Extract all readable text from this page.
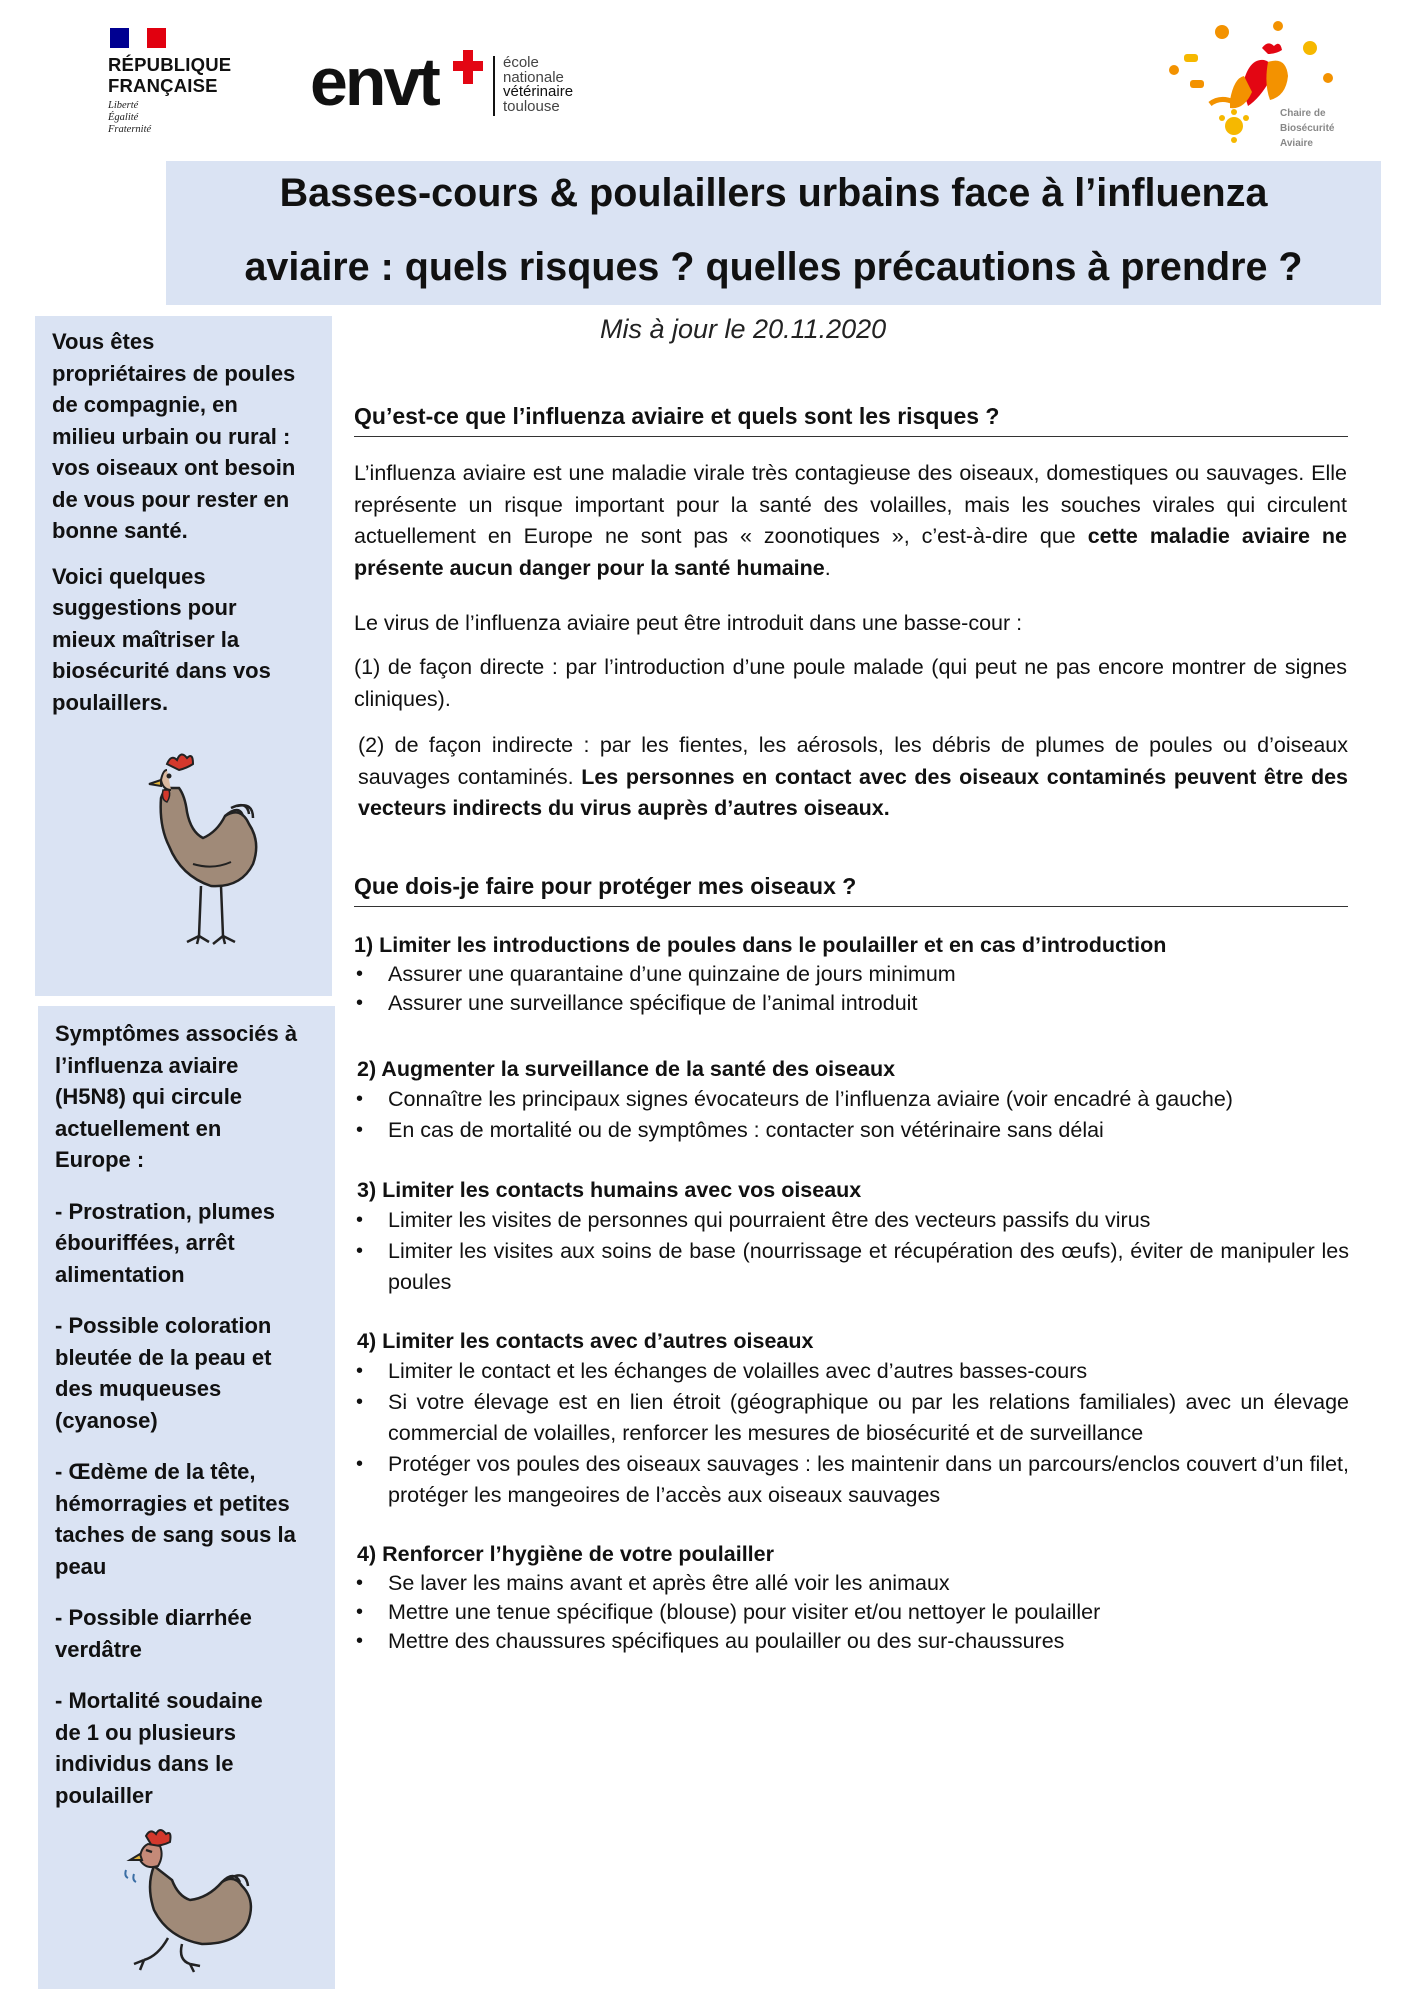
RÉPUBLIQUE
FRANÇAISE
Liberté
Égalité
Fraternité
envt	école
nationale
vétérinaire
toulouse	Chaire de
Biosécurité
Aviaire
Basses-cours & poulaillers urbains face à l’influenza
aviaire : quels risques ? quelles précautions à prendre ?

Vous êtes
propriétaires de poules
de compagnie, en
milieu urbain ou rural :
vos oiseaux ont besoin
de vous pour rester en
bonne santé.

Voici quelques
suggestions pour
mieux maîtriser la
biosécurité dans vos
poulaillers.

Symptômes associés à
l’influenza aviaire
(H5N8) qui circule
actuellement en
Europe :

- Prostration, plumes
ébouriffées, arrêt
alimentation

- Possible coloration
bleutée de la peau et
des muqueuses
(cyanose)

- Œdème de la tête,
hémorragies et petites
taches de sang sous la
peau

- Possible diarrhée
verdâtre

- Mortalité soudaine
de 1 ou plusieurs
individus dans le
poulailler

Mis à jour le 20.11.2020
Qu’est-ce que l’influenza aviaire et quels sont les risques ?
L’influenza aviaire est une maladie virale très contagieuse des oiseaux, domestiques ou sauvages. Elle représente un risque important pour la santé des volailles, mais les souches virales qui circulent actuellement en Europe ne sont pas « zoonotiques », c’est-à-dire que cette maladie aviaire ne présente aucun danger pour la santé humaine.
Le virus de l’influenza aviaire peut être introduit dans une basse-cour :
(1) de façon directe : par l’introduction d’une poule malade (qui peut ne pas encore montrer de signes cliniques).
(2) de façon indirecte : par les fientes, les aérosols, les débris de plumes de poules ou d’oiseaux sauvages contaminés. Les personnes en contact avec des oiseaux contaminés peuvent être des vecteurs indirects du virus auprès d’autres oiseaux.
Que dois-je faire pour protéger mes oiseaux ?
1) Limiter les introductions de poules dans le poulailler et en cas d’introduction
• Assurer une quarantaine d’une quinzaine de jours minimum
• Assurer une surveillance spécifique de l’animal introduit
2) Augmenter la surveillance de la santé des oiseaux
• Connaître les principaux signes évocateurs de l’influenza aviaire (voir encadré à gauche)
• En cas de mortalité ou de symptômes : contacter son vétérinaire sans délai
3) Limiter les contacts humains avec vos oiseaux
• Limiter les visites de personnes qui pourraient être des vecteurs passifs du virus
• Limiter les visites aux soins de base (nourrissage et récupération des œufs), éviter de manipuler les poules
4) Limiter les contacts avec d’autres oiseaux
• Limiter le contact et les échanges de volailles avec d’autres basses-cours
• Si votre élevage est en lien étroit (géographique ou par les relations familiales) avec un élevage commercial de volailles, renforcer les mesures de biosécurité et de surveillance
• Protéger vos poules des oiseaux sauvages : les maintenir dans un parcours/enclos couvert d’un filet, protéger les mangeoires de l’accès aux oiseaux sauvages
4) Renforcer l’hygiène de votre poulailler
• Se laver les mains avant et après être allé voir les animaux
• Mettre une tenue spécifique (blouse) pour visiter et/ou nettoyer le poulailler
• Mettre des chaussures spécifiques au poulailler ou des sur-chaussures
